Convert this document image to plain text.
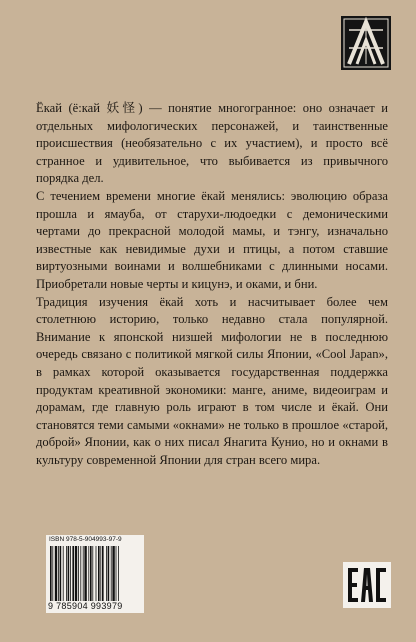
Ёкай (ё:кай 妖怪) — понятие многогранное: оно означает и отдельных мифологических персонажей, и таинственные происшествия (необязательно с их участием), и просто всё странное и удивительное, что выбивается из привычного порядка дел.

С течением времени многие ёкай менялись: эволюцию образа прошла и ямауба, от старухи-людоедки с демоническими чертами до прекрасной молодой мамы, и тэнгу, изначально известные как невидимые духи и птицы, а потом ставшие виртуозными воинами и волшебниками с длинными носами. Приобретали новые черты и кицунэ, и оками, и бни.

Традиция изучения ёкай хоть и насчитывает более чем столетнюю историю, только недавно стала популярной. Внимание к японской низшей мифологии не в последнюю очередь связано с политикой мягкой силы Японии, «Cool Japan», в рамках которой оказывается государственная поддержка продуктам креативной экономики: манге, аниме, видеоиграм и дорамам, где главную роль играют в том числе и ёкай. Они становятся теми самыми «окнами» не только в прошлое «старой, доброй» Японии, как о них писал Янагита Кунио, но и окнами в культуру современной Японии для стран всего мира.

ISBN 978-5-904993-97-9
9 785904 993979
